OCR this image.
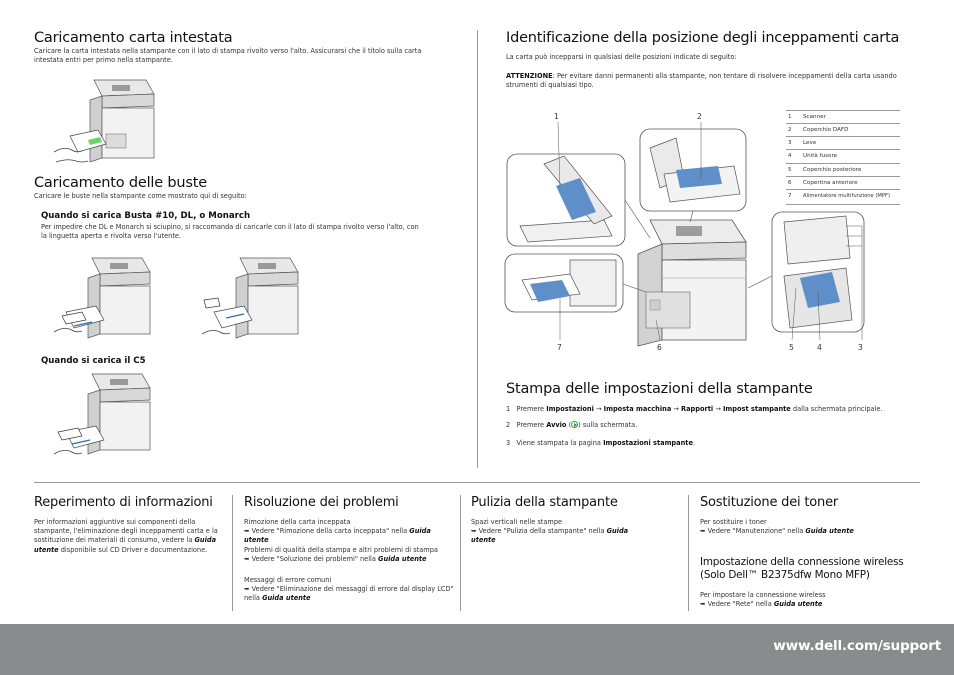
Caricamento carta intestata

Caricare la carta intestata nella stampante con il lato di stampa rivolto verso l'alto. Assicurarsi che il titolo sulla carta intestata entri per primo nella stampante.

Caricamento delle buste

Caricare le buste nella stampante come mostrato qui di seguito:

Quando si carica Busta #10, DL, o Monarch

Per impedire che DL e Monarch si sciupino, si raccomanda di caricarle con il lato di stampa rivolto verso l'alto, con la linguetta aperta e rivolta verso l'utente.

Quando si carica il C5
Identificazione della posizione degli inceppamenti carta

La carta può incepparsi in qualsiasi delle posizioni indicate di seguito:

ATTENZIONE: Per evitare danni permanenti alla stampante, non tentare di risolvere inceppamenti della carta usando strumenti di qualsiasi tipo.

1	2
3
4
5
6
7
1 Scanner
2 Coperchio DAFD
3 Leve
4 Unità fusore
5 Coperchio posteriore
6 Copertina anteriore
7 Alimentatore multifunzione (MPF)
Stampa delle impostazioni della stampante
1 Premere Impostazioni → Imposta macchina → Rapporti → Impost stampante dalla schermata principale.
2 Premere Avvio ( ) sulla schermata.
3 Viene stampata la pagina Impostazioni stampante.
Reperimento di informazioni

Per informazioni aggiuntive sui componenti della stampante, l'eliminazione degli inceppamenti carta e la sostituzione dei materiali di consumo, vedere la Guida utente disponibile sul CD Driver e documentazione.

Risoluzione dei problemi
Rimozione della carta inceppata
➥ Vedere "Rimozione della carta inceppata" nella Guida utente
Problemi di qualità della stampa e altri problemi di stampa
➥ Vedere "Soluzione dei problemi" nella Guida utente
Messaggi di errore comuni
➥ Vedere "Eliminazione dei messaggi di errore dal display LCD" nella Guida utente
Pulizia della stampante
Spazi verticali nelle stampe
➥ Vedere "Pulizia della stampante" nella Guida utente
Sostituzione dei toner
Per sostituire i toner
➥ Vedere "Manutenzione" nella Guida utente
Impostazione della connessione wireless
(Solo Dell™ B2375dfw Mono MFP)
Per impostare la connessione wireless
➥ Vedere "Rete" nella Guida utente
www.dell.com/support
